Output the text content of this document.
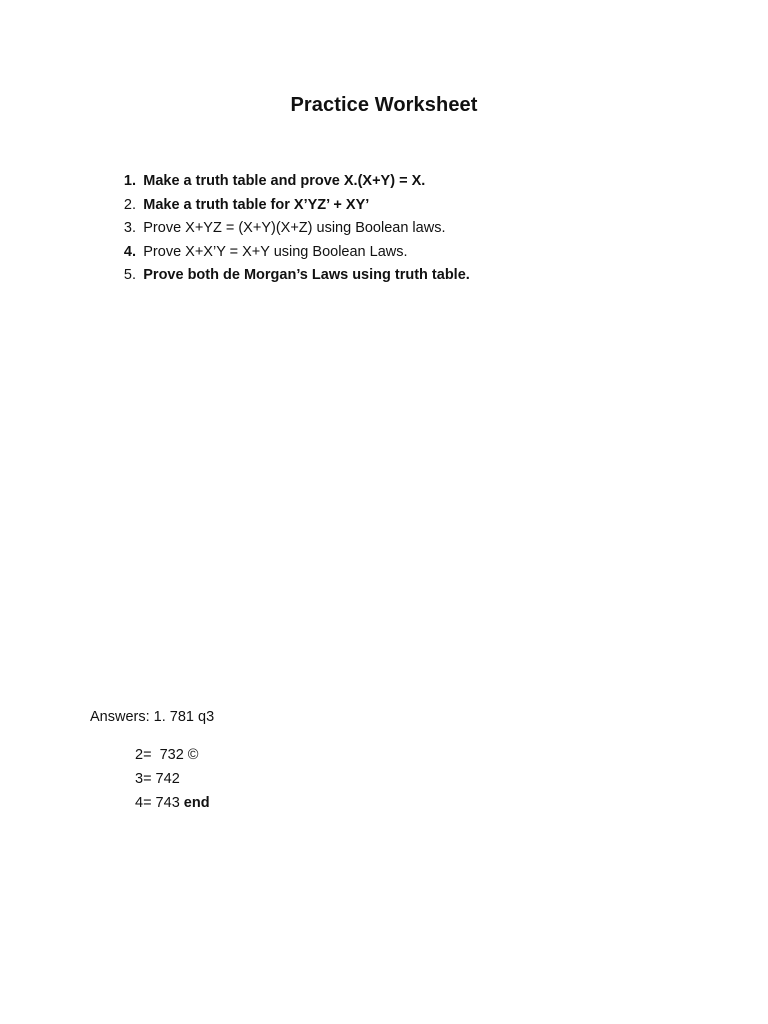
Practice Worksheet
1. Make a truth table and prove X.(X+Y) = X.
2. Make a truth table for X’YZ’ + XY’
3. Prove X+YZ = (X+Y)(X+Z) using Boolean laws.
4. Prove X+X’Y = X+Y using Boolean Laws.
5. Prove both de Morgan’s Laws using truth table.
Answers: 1. 781 q3
2=  732 ©
3= 742
4= 743 end
